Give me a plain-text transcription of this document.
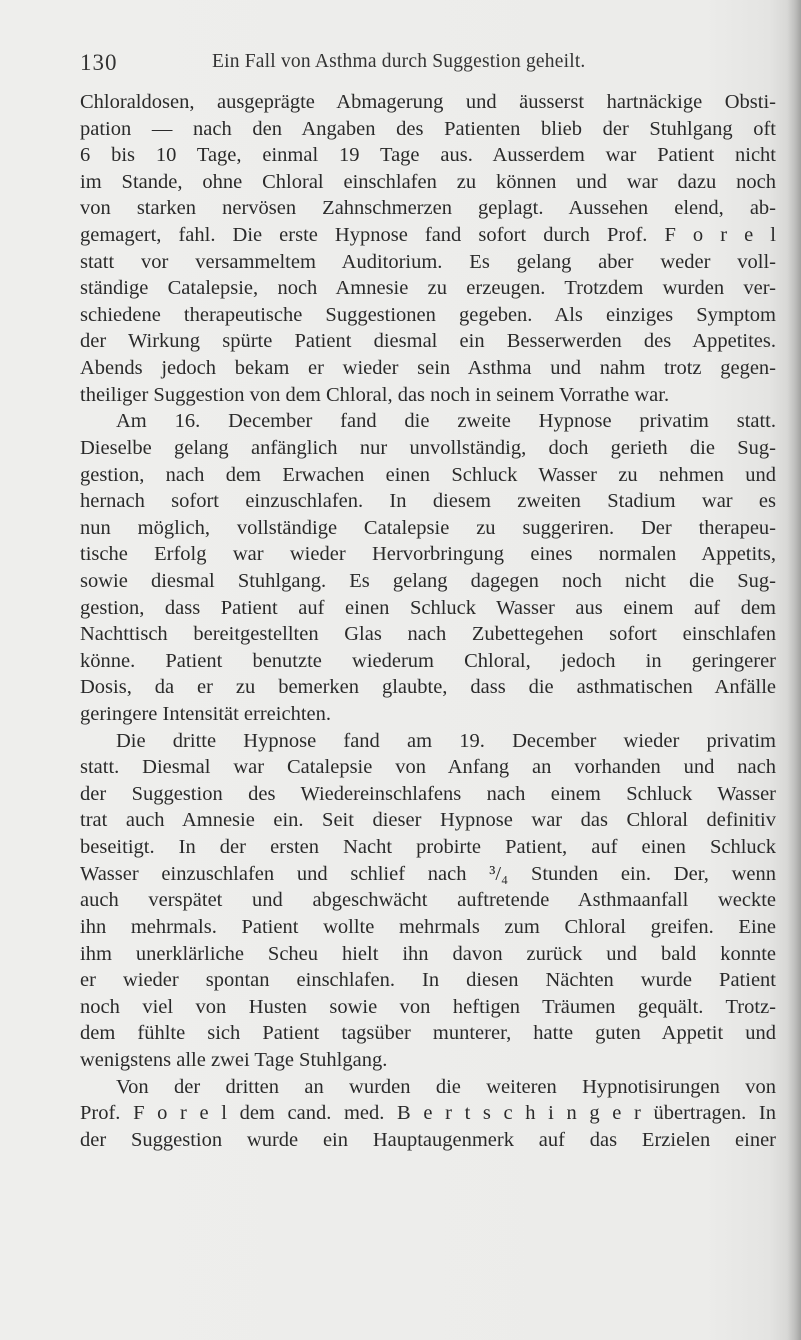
130	Ein Fall von Asthma durch Suggestion geheilt.
Chloraldosen, ausgeprägte Abmagerung und äusserst hartnäckige Obsti-
pation — nach den Angaben des Patienten blieb der Stuhlgang oft
6 bis 10 Tage, einmal 19 Tage aus. Ausserdem war Patient nicht
im Stande, ohne Chloral einschlafen zu können und war dazu noch
von starken nervösen Zahnschmerzen geplagt. Aussehen elend, ab-
gemagert, fahl. Die erste Hypnose fand sofort durch Prof. F o r e l
statt vor versammeltem Auditorium. Es gelang aber weder voll-
ständige Catalepsie, noch Amnesie zu erzeugen. Trotzdem wurden ver-
schiedene therapeutische Suggestionen gegeben. Als einziges Symptom
der Wirkung spürte Patient diesmal ein Besserwerden des Appetites.
Abends jedoch bekam er wieder sein Asthma und nahm trotz gegen-
theiliger Suggestion von dem Chloral, das noch in seinem Vorrathe war.
Am 16. December fand die zweite Hypnose privatim statt.
Dieselbe gelang anfänglich nur unvollständig, doch gerieth die Sug-
gestion, nach dem Erwachen einen Schluck Wasser zu nehmen und
hernach sofort einzuschlafen. In diesem zweiten Stadium war es
nun möglich, vollständige Catalepsie zu suggeriren. Der therapeu-
tische Erfolg war wieder Hervorbringung eines normalen Appetits,
sowie diesmal Stuhlgang. Es gelang dagegen noch nicht die Sug-
gestion, dass Patient auf einen Schluck Wasser aus einem auf dem
Nachttisch bereitgestellten Glas nach Zubettegehen sofort einschlafen
könne. Patient benutzte wiederum Chloral, jedoch in geringerer
Dosis, da er zu bemerken glaubte, dass die asthmatischen Anfälle
geringere Intensität erreichten.
Die dritte Hypnose fand am 19. December wieder privatim
statt. Diesmal war Catalepsie von Anfang an vorhanden und nach
der Suggestion des Wiedereinschlafens nach einem Schluck Wasser
trat auch Amnesie ein. Seit dieser Hypnose war das Chloral definitiv
beseitigt. In der ersten Nacht probirte Patient, auf einen Schluck
Wasser einzuschlafen und schlief nach ³/₄ Stunden ein. Der, wenn
auch verspätet und abgeschwächt auftretende Asthmaanfall weckte
ihn mehrmals. Patient wollte mehrmals zum Chloral greifen. Eine
ihm unerklärliche Scheu hielt ihn davon zurück und bald konnte
er wieder spontan einschlafen. In diesen Nächten wurde Patient
noch viel von Husten sowie von heftigen Träumen gequält. Trotz-
dem fühlte sich Patient tagsüber munterer, hatte guten Appetit und
wenigstens alle zwei Tage Stuhlgang.
Von der dritten an wurden die weiteren Hypnotisirungen von
Prof. F o r e l dem cand. med. B e r t s c h i n g e r übertragen. In
der Suggestion wurde ein Hauptaugenmerk auf das Erzielen einer
